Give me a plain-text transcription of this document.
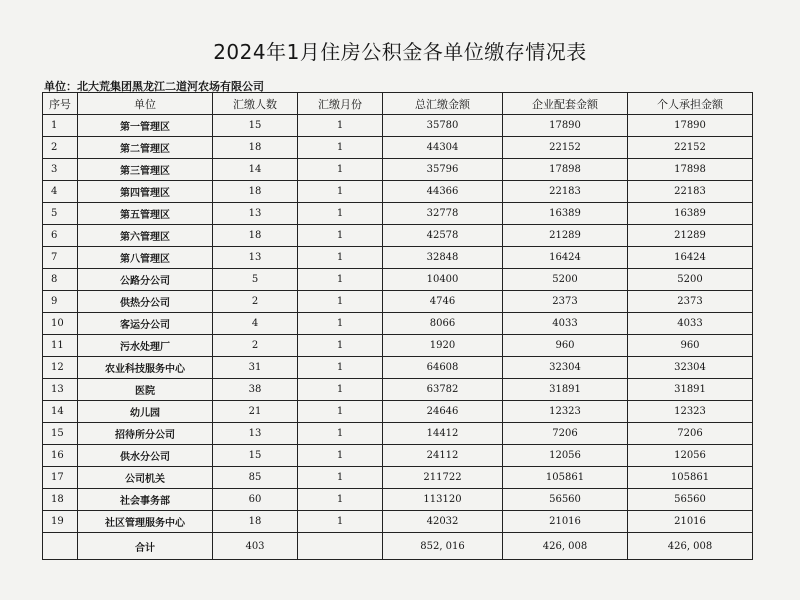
2024年1月住房公积金各单位缴存情况表
单位：北大荒集团黑龙江二道河农场有限公司
序号	单位	汇缴人数	汇缴月份	总汇缴金额	企业配套金额	个人承担金额
1	第一管理区	15	1	35780	17890	17890
2	第二管理区	18	1	44304	22152	22152
3	第三管理区	14	1	35796	17898	17898
4	第四管理区	18	1	44366	22183	22183
5	第五管理区	13	1	32778	16389	16389
6	第六管理区	18	1	42578	21289	21289
7	第八管理区	13	1	32848	16424	16424
8	公路分公司	5	1	10400	5200	5200
9	供热分公司	2	1	4746	2373	2373
10	客运分公司	4	1	8066	4033	4033
11	污水处理厂	2	1	1920	960	960
12	农业科技服务中心	31	1	64608	32304	32304
13	医院	38	1	63782	31891	31891
14	幼儿园	21	1	24646	12323	12323
15	招待所分公司	13	1	14412	7206	7206
16	供水分公司	15	1	24112	12056	12056
17	公司机关	85	1	211722	105861	105861
18	社会事务部	60	1	113120	56560	56560
19	社区管理服务中心	18	1	42032	21016	21016
	合计	403		852, 016	426, 008	426, 008
